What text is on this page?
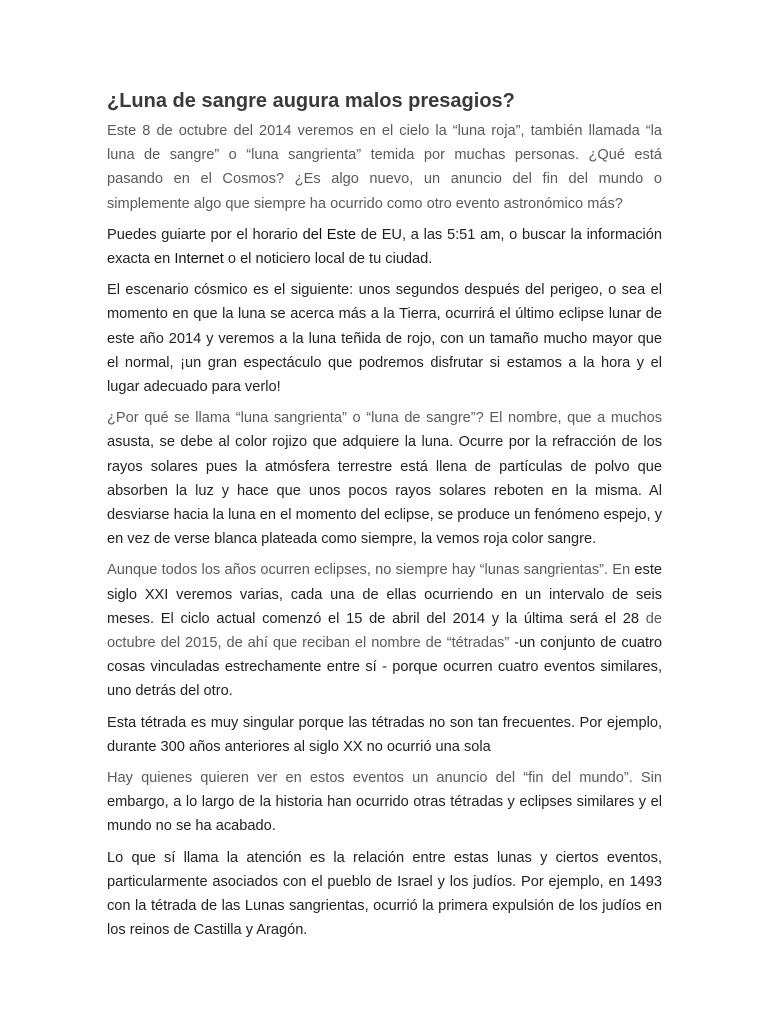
¿Luna de sangre augura malos presagios?

Este 8 de octubre del 2014 veremos en el cielo la “luna roja”, también llamada “la luna de sangre” o “luna sangrienta” temida por muchas personas. ¿Qué está pasando en el Cosmos? ¿Es algo nuevo, un anuncio del fin del mundo o simplemente algo que siempre ha ocurrido como otro evento astronómico más?

Puedes guiarte por el horario del Este de EU, a las 5:51 am, o buscar la información exacta en Internet o el noticiero local de tu ciudad.

El escenario cósmico es el siguiente: unos segundos después del perigeo, o sea el momento en que la luna se acerca más a la Tierra, ocurrirá el último eclipse lunar de este año 2014 y veremos a la luna teñida de rojo, con un tamaño mucho mayor que el normal, ¡un gran espectáculo que podremos disfrutar si estamos a la hora y el lugar adecuado para verlo!

¿Por qué se llama “luna sangrienta” o “luna de sangre”? El nombre, que a muchos asusta, se debe al color rojizo que adquiere la luna. Ocurre por la refracción de los rayos solares pues la atmósfera terrestre está llena de partículas de polvo que absorben la luz y hace que unos pocos rayos solares reboten en la misma. Al desviarse hacia la luna en el momento del eclipse, se produce un fenómeno espejo, y en vez de verse blanca plateada como siempre, la vemos roja color sangre.

Aunque todos los años ocurren eclipses, no siempre hay “lunas sangrientas”. En este siglo XXI veremos varias, cada una de ellas ocurriendo en un intervalo de seis meses. El ciclo actual comenzó el 15 de abril del 2014 y la última será el 28 de octubre del 2015, de ahí que reciban el nombre de “tétradas” -un conjunto de cuatro cosas vinculadas estrechamente entre sí - porque ocurren cuatro eventos similares, uno detrás del otro.

Esta tétrada es muy singular porque las tétradas no son tan frecuentes. Por ejemplo, durante 300 años anteriores al siglo XX no ocurrió una sola

Hay quienes quieren ver en estos eventos un anuncio del “fin del mundo”. Sin embargo, a lo largo de la historia han ocurrido otras tétradas y eclipses similares y el mundo no se ha acabado.

Lo que sí llama la atención es la relación entre estas lunas y ciertos eventos, particularmente asociados con el pueblo de Israel y los judíos. Por ejemplo, en 1493 con la tétrada de las Lunas sangrientas, ocurrió la primera expulsión de los judíos en los reinos de Castilla y Aragón.
